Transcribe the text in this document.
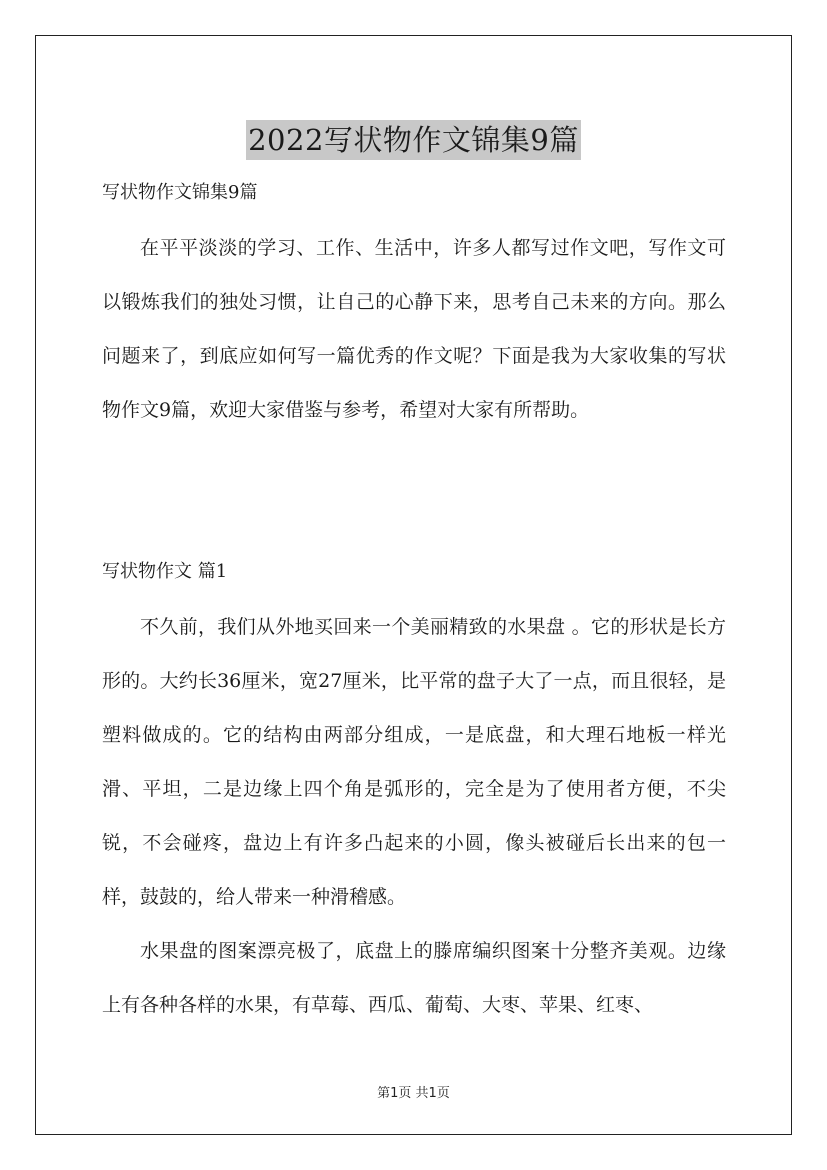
2022写状物作文锦集9篇

写状物作文锦集9篇

在平平淡淡的学习、工作、生活中，许多人都写过作文吧，写作文可以锻炼我们的独处习惯，让自己的心静下来，思考自己未来的方向。那么问题来了，到底应如何写一篇优秀的作文呢？下面是我为大家收集的写状物作文9篇，欢迎大家借鉴与参考，希望对大家有所帮助。

写状物作文 篇1

不久前，我们从外地买回来一个美丽精致的水果盘 。它的形状是长方形的。大约长36厘米，宽27厘米，比平常的盘子大了一点，而且很轻，是塑料做成的。它的结构由两部分组成，一是底盘，和大理石地板一样光滑、平坦，二是边缘上四个角是弧形的，完全是为了使用者方便，不尖锐，不会碰疼，盘边上有许多凸起来的小圆，像头被碰后长出来的包一样，鼓鼓的，给人带来一种滑稽感。

水果盘的图案漂亮极了，底盘上的滕席编织图案十分整齐美观。边缘上有各种各样的水果，有草莓、西瓜、葡萄、大枣、苹果、红枣、

第1页 共1页
